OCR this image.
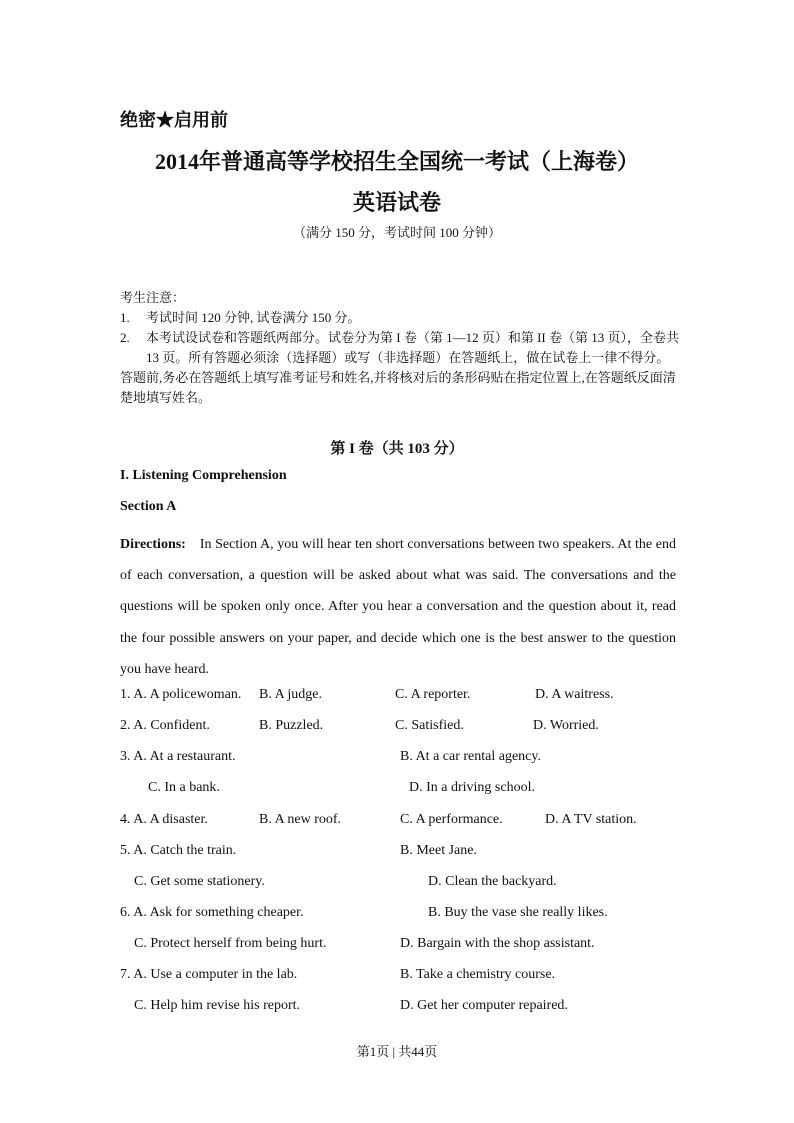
绝密★启用前
2014年普通高等学校招生全国统一考试（上海卷）
英语试卷
（满分 150 分，考试时间 100 分钟）
考生注意：
1.	考试时间 120 分钟, 试卷满分 150 分。
2.	本考试设试卷和答题纸两部分。试卷分为第 I 卷（第 1—12 页）和第 II 卷（第 13 页），全卷共 13 页。所有答题必须涂（选择题）或写（非选择题）在答题纸上，做在试卷上一律不得分。
答题前,务必在答题纸上填写准考证号和姓名,并将核对后的条形码贴在指定位置上,在答题纸反面清楚地填写姓名。
第 I 卷（共 103 分）
I. Listening Comprehension
Section A
Directions: In Section A, you will hear ten short conversations between two speakers. At the end of each conversation, a question will be asked about what was said. The conversations and the questions will be spoken only once. After you hear a conversation and the question about it, read the four possible answers on your paper, and decide which one is the best answer to the question you have heard.
1. A. A policewoman. B. A judge.	C. A reporter.	D. A waitress.
2. A. Confident.	B. Puzzled.	C. Satisfied.	D. Worried.
3. A. At a restaurant.	B. At a car rental agency.
C. In a bank.	D. In a driving school.
4. A. A disaster.	B. A new roof.	C. A performance.	D. A TV station.
5. A. Catch the train.	B. Meet Jane.
C. Get some stationery.	D. Clean the backyard.
6. A. Ask for something cheaper.	B. Buy the vase she really likes.
C. Protect herself from being hurt.	D. Bargain with the shop assistant.
7. A. Use a computer in the lab.	B. Take a chemistry course.
C. Help him revise his report.	D. Get her computer repaired.
第1页 | 共44页
